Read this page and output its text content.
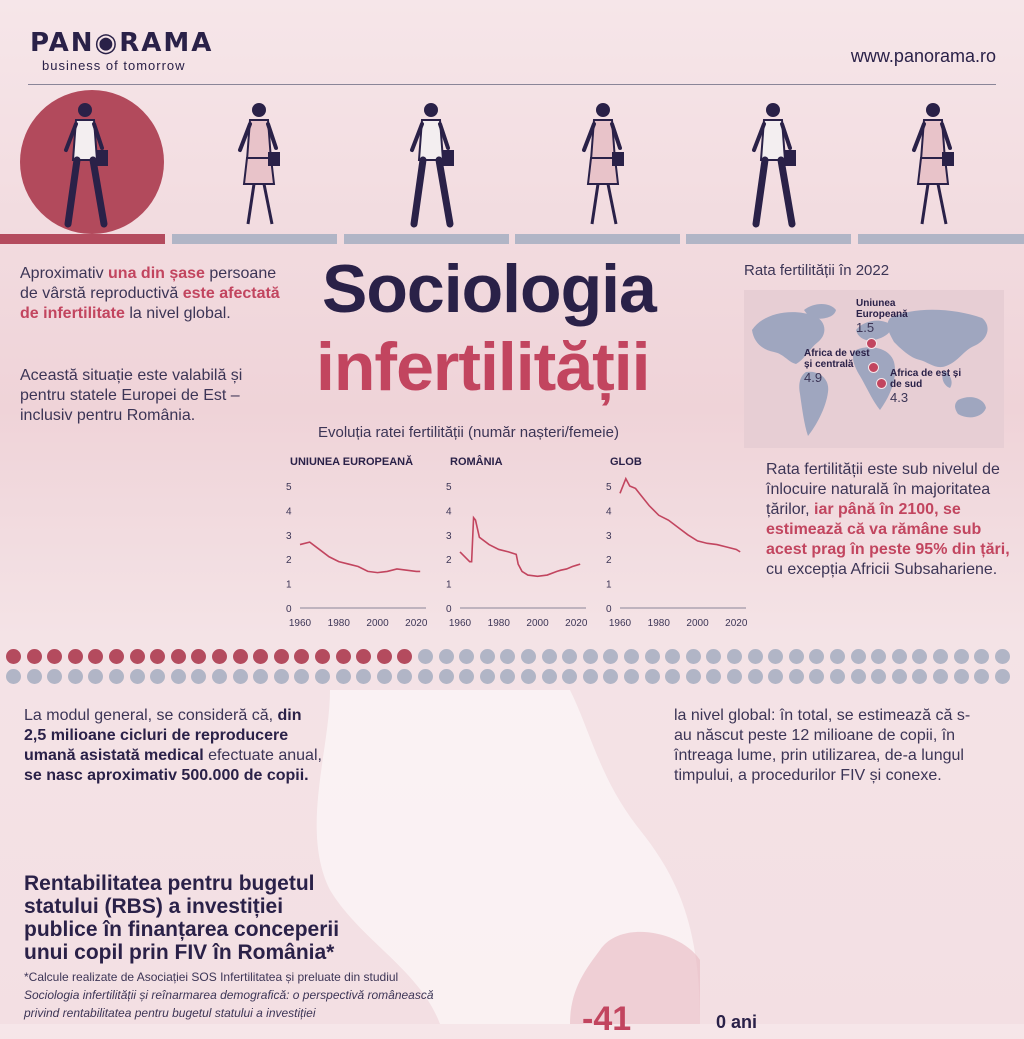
PAN◉RAMA
business of tomorrow	www.panorama.ro
Aproximativ una din șase persoane de vârstă reproductivă este afectată de infertilitate la nivel global.
Această situație este valabilă și pentru statele Europei de Est – inclusiv pentru România.
Sociologia
infertilității
Rata fertilității în 2022
Uniunea Europeană
1.5
Africa de vest și centrală
4.9	Africa de est și de sud
4.3
Rata fertilității este sub nivelul de înlocuire naturală în majoritatea țărilor, iar până în 2100, se estimează că va rămâne sub acest prag în peste 95% din țări, cu excepția Africii Subsahariene.
Evoluția ratei fertilității (număr nașteri/femeie)
UNIUNEA EUROPEANĂ	ROMÂNIA	GLOB
0
1
2
3
4
5
1960 1980 2000 2020
0
1
2
3
4
5
1960 1980 2000 2020
0
1
2
3
4
5
1960 1980 2000 2020
La modul general, se consideră că, din 2,5 milioane cicluri de reproducere umană asistată medical efectuate anual, se nasc aproximativ 500.000 de copii.
la nivel global: în total, se estimează că s-au născut peste 12 milioane de copii, în întreaga lume, prin utilizarea, de-a lungul timpului, a procedurilor FIV și conexe.
Rentabilitatea pentru bugetul statului (RBS) a investiției publice în finanțarea conceperii unui copil prin FIV în România*
*Calcule realizate de Asociației SOS Infertilitatea și preluate din studiul Sociologia infertilității și reînarmarea demografică: o perspectivă românească privind rentabilitatea pentru bugetul statului a investiției	-41	0 ani
